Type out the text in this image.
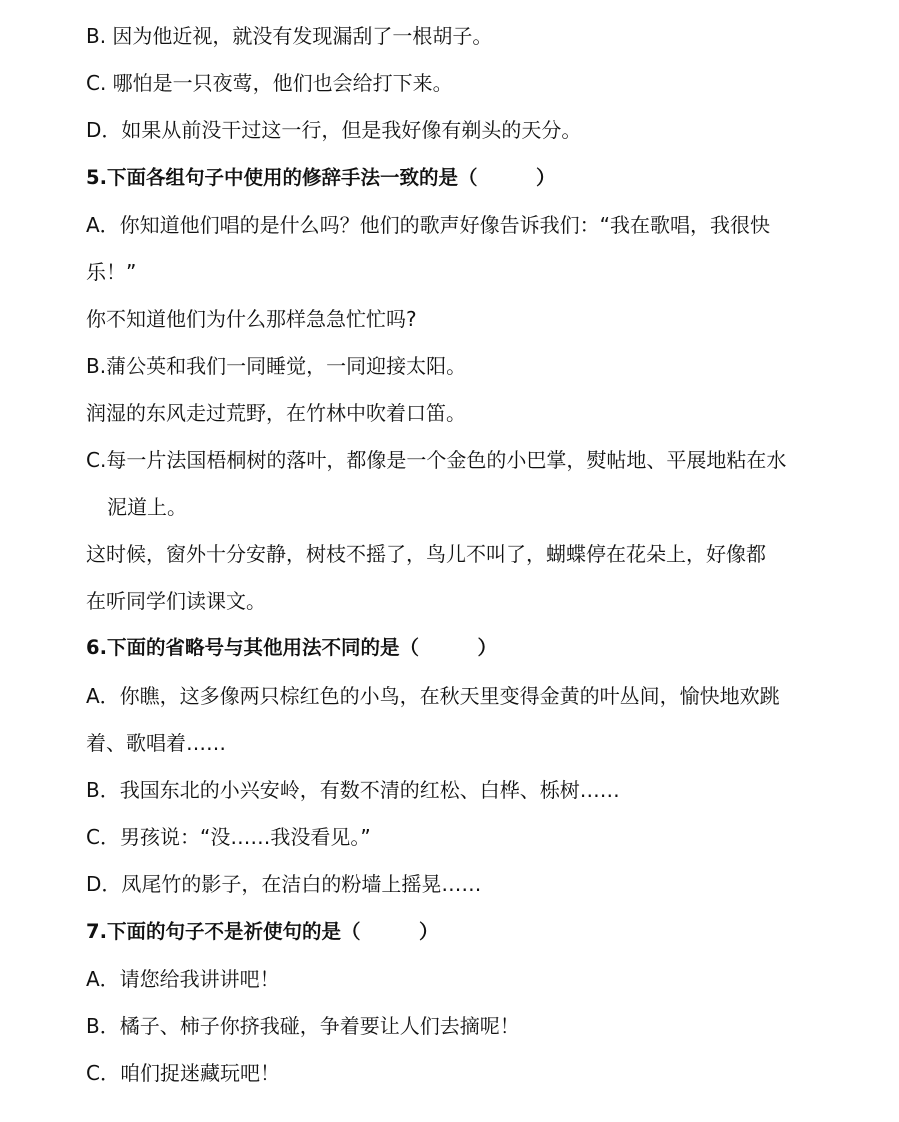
B. 因为他近视，就没有发现漏刮了一根胡子。
C. 哪怕是一只夜莺，他们也会给打下来。
D．如果从前没干过这一行，但是我好像有剃头的天分。
5.下面各组句子中使用的修辞手法一致的是（　　　）
A．你知道他们唱的是什么吗？他们的歌声好像告诉我们：“我在歌唱，我很快
乐！”
你不知道他们为什么那样急急忙忙吗?
B.蒲公英和我们一同睡觉，一同迎接太阳。
润湿的东风走过荒野，在竹林中吹着口笛。
C.每一片法国梧桐树的落叶，都像是一个金色的小巴掌，熨帖地、平展地粘在水
泥道上。
这时候，窗外十分安静，树枝不摇了，鸟儿不叫了，蝴蝶停在花朵上，好像都
在听同学们读课文。
6.下面的省略号与其他用法不同的是（　　　）
A．你瞧，这多像两只棕红色的小鸟，在秋天里变得金黄的叶丛间，愉快地欢跳
着、歌唱着……
B．我国东北的小兴安岭，有数不清的红松、白桦、栎树……
C．男孩说：“没……我没看见。”
D．凤尾竹的影子，在洁白的粉墙上摇晃……
7.下面的句子不是祈使句的是（　　　）
A．请您给我讲讲吧！
B．橘子、柿子你挤我碰，争着要让人们去摘呢！
C．咱们捉迷藏玩吧！
